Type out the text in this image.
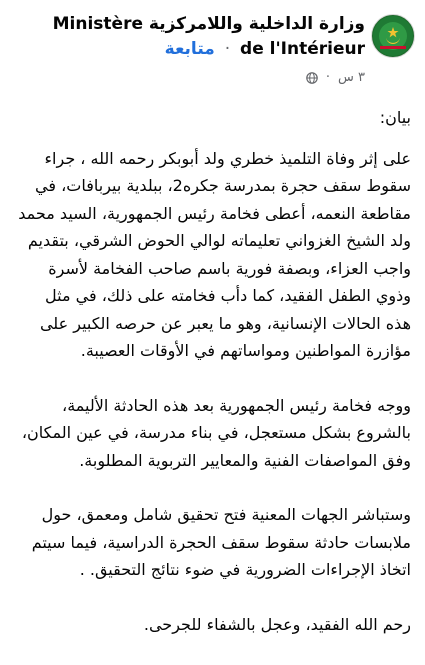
وزارة الداخلية واللامركزية Ministère de l'Intérieur · متابعة
٣ س
·

بيان:

على إثر وفاة التلميذ خطري ولد أبوبكر رحمه الله ، جراء سقوط سقف حجرة بمدرسة جكره2، ببلدية بيربافات، في مقاطعة النعمه، أعطى فخامة رئيس الجمهورية، السيد محمد ولد الشيخ الغزواني تعليماته لوالي الحوض الشرقي، بتقديم واجب العزاء، وبصفة فورية باسم صاحب الفخامة لأسرة وذوي الطفل الفقيد، كما دأب فخامته على ذلك، في مثل هذه الحالات الإنسانية، وهو ما يعبر عن حرصه الكبير على مؤازرة المواطنين ومواساتهم في الأوقات العصيبة.

ووجه فخامة رئيس الجمهورية بعد هذه الحادثة الأليمة، بالشروع بشكل مستعجل، في بناء مدرسة، في عين المكان، وفق المواصفات الفنية والمعايير التربوية المطلوبة.

وستباشر الجهات المعنية فتح تحقيق شامل ومعمق، حول ملابسات حادثة سقوط سقف الحجرة الدراسية، فيما سيتم اتخاذ الإجراءات الضرورية في ضوء نتائج التحقيق. .

رحم الله الفقيد، وعجل بالشفاء للجرحى.
